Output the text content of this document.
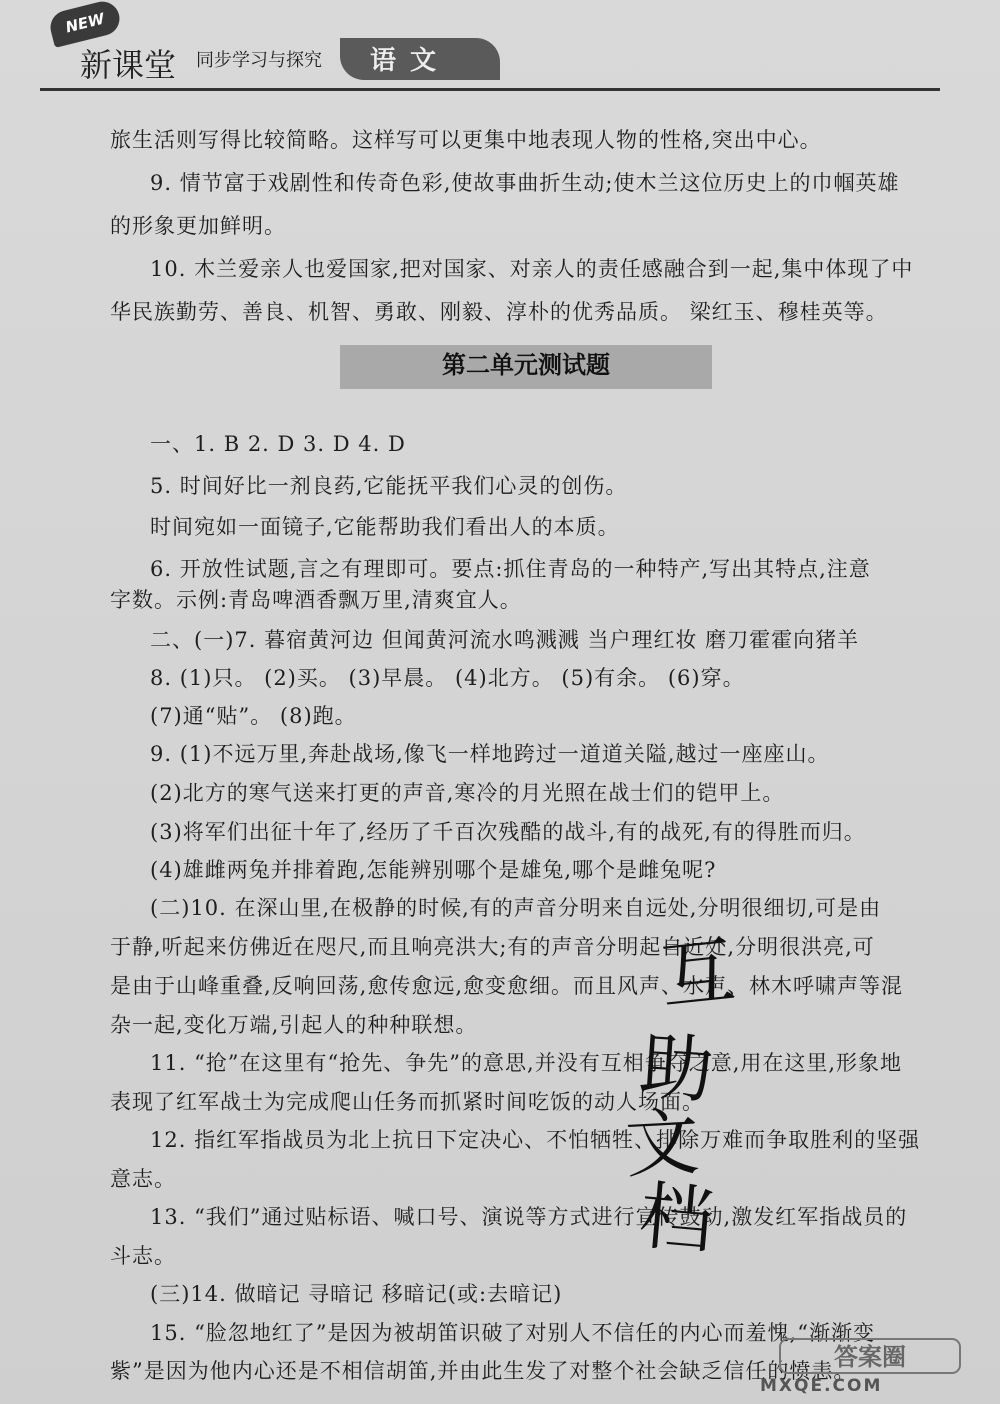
NEW
新课堂 同步学习与探究 语文
旅生活则写得比较简略。这样写可以更集中地表现人物的性格,突出中心。
9. 情节富于戏剧性和传奇色彩,使故事曲折生动;使木兰这位历史上的巾帼英雄
的形象更加鲜明。
10. 木兰爱亲人也爱国家,把对国家、对亲人的责任感融合到一起,集中体现了中
华民族勤劳、善良、机智、勇敢、刚毅、淳朴的优秀品质。 梁红玉、穆桂英等。
第二单元测试题
一、1. B 2. D 3. D 4. D
5. 时间好比一剂良药,它能抚平我们心灵的创伤。
时间宛如一面镜子,它能帮助我们看出人的本质。
6. 开放性试题,言之有理即可。要点:抓住青岛的一种特产,写出其特点,注意
字数。示例:青岛啤酒香飘万里,清爽宜人。
二、(一)7. 暮宿黄河边 但闻黄河流水鸣溅溅 当户理红妆 磨刀霍霍向猪羊
8. (1)只。 (2)买。 (3)早晨。 (4)北方。 (5)有余。 (6)穿。
(7)通“贴”。 (8)跑。
9. (1)不远万里,奔赴战场,像飞一样地跨过一道道关隘,越过一座座山。
(2)北方的寒气送来打更的声音,寒冷的月光照在战士们的铠甲上。
(3)将军们出征十年了,经历了千百次残酷的战斗,有的战死,有的得胜而归。
(4)雄雌两兔并排着跑,怎能辨别哪个是雄兔,哪个是雌兔呢?
(二)10. 在深山里,在极静的时候,有的声音分明来自远处,分明很细切,可是由
于静,听起来仿佛近在咫尺,而且响亮洪大;有的声音分明起自近处,分明很洪亮,可
是由于山峰重叠,反响回荡,愈传愈远,愈变愈细。而且风声、水声、林木呼啸声等混
杂一起,变化万端,引起人的种种联想。
11. “抢”在这里有“抢先、争先”的意思,并没有互相争夺之意,用在这里,形象地
表现了红军战士为完成爬山任务而抓紧时间吃饭的动人场面。
12. 指红军指战员为北上抗日下定决心、不怕牺牲、排除万难而争取胜利的坚强
意志。
13. “我们”通过贴标语、喊口号、演说等方式进行宣传鼓动,激发红军指战员的
斗志。
(三)14. 做暗记 寻暗记 移暗记(或:去暗记)
15. “脸忽地红了”是因为被胡笛识破了对别人不信任的内心而羞愧,“渐渐变
紫”是因为他内心还是不相信胡笛,并由此生发了对整个社会缺乏信任的愤恚。
互
助
文
档
答案圈
MXQE.COM
